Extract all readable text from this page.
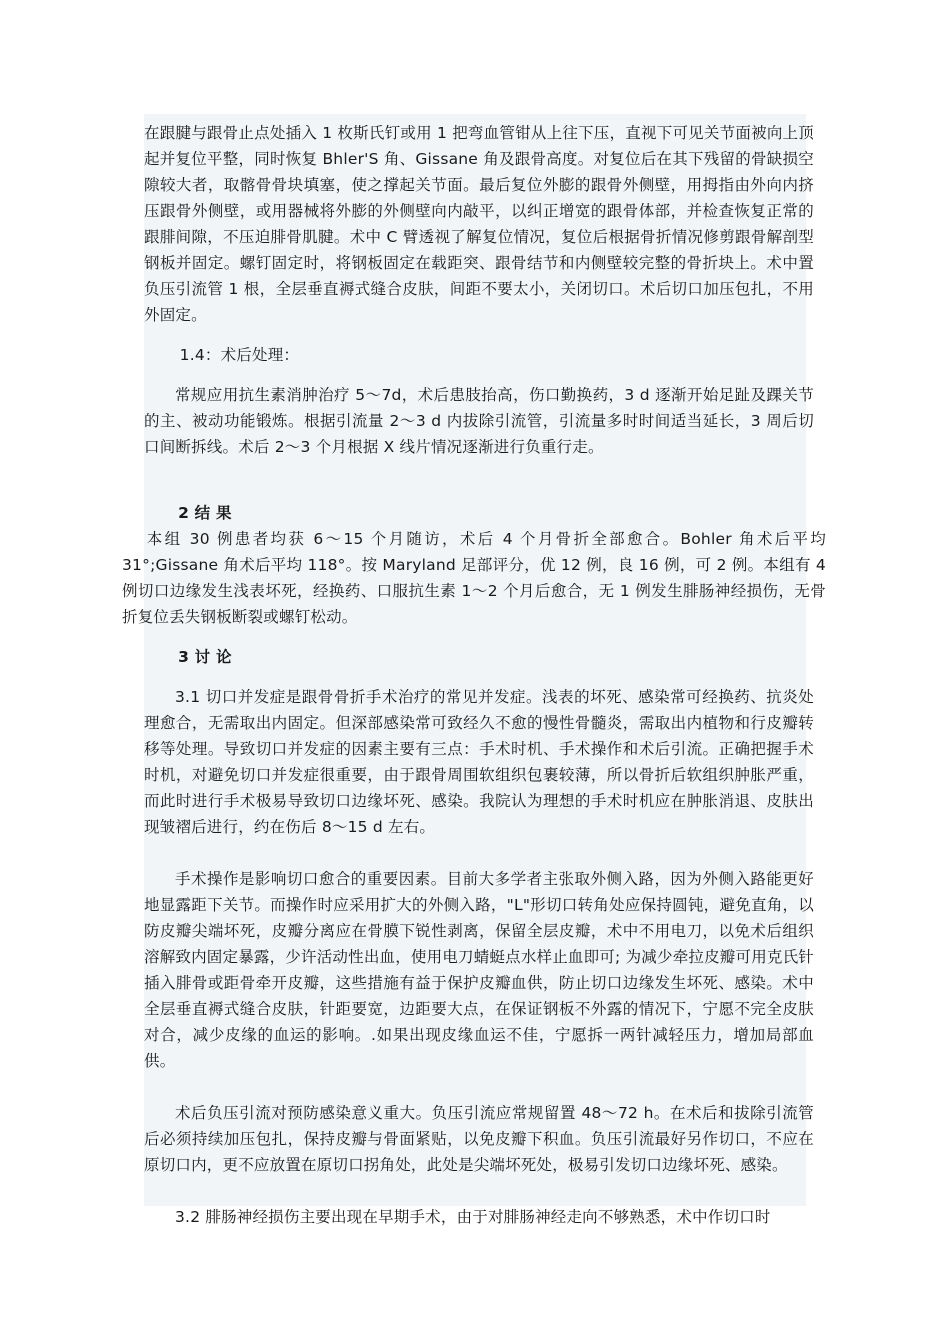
在跟腱与跟骨止点处插入 1 枚斯氏钉或用 1 把弯血管钳从上往下压，直视下可见关节面被向上顶起并复位平整，同时恢复 Bhler'S 角、Gissane 角及跟骨高度。对复位后在其下残留的骨缺损空隙较大者，取髂骨骨块填塞，使之撑起关节面。最后复位外膨的跟骨外侧壁，用拇指由外向内挤压跟骨外侧壁，或用器械将外膨的外侧壁向内敲平，以纠正增宽的跟骨体部，并检查恢复正常的跟腓间隙，不压迫腓骨肌腱。术中 C 臂透视了解复位情况，复位后根据骨折情况修剪跟骨解剖型钢板并固定。螺钉固定时，将钢板固定在载距突、跟骨结节和内侧壁较完整的骨折块上。术中置负压引流管 1 根，全层垂直褥式缝合皮肤，间距不要太小，关闭切口。术后切口加压包扎，不用外固定。

1.4：术后处理：

常规应用抗生素消肿治疗 5～7d，术后患肢抬高，伤口勤换药，3 d 逐渐开始足趾及踝关节的主、被动功能锻炼。根据引流量 2～3 d 内拔除引流管，引流量多时时间适当延长，3 周后切口间断拆线。术后 2～3 个月根据 X 线片情况逐渐进行负重行走。

2 结 果

本组 30 例患者均获 6～15 个月随访，术后 4 个月骨折全部愈合。Bohler 角术后平均 31°;Gissane 角术后平均 118°。按 Maryland 足部评分，优 12 例，良 16 例，可 2 例。本组有 4 例切口边缘发生浅表坏死，经换药、口服抗生素 1～2 个月后愈合，无 1 例发生腓肠神经损伤，无骨折复位丢失钢板断裂或螺钉松动。

3 讨 论

3.1 切口并发症是跟骨骨折手术治疗的常见并发症。浅表的坏死、感染常可经换药、抗炎处理愈合，无需取出内固定。但深部感染常可致经久不愈的慢性骨髓炎，需取出内植物和行皮瓣转移等处理。导致切口并发症的因素主要有三点：手术时机、手术操作和术后引流。正确把握手术时机，对避免切口并发症很重要，由于跟骨周围软组织包裹较薄，所以骨折后软组织肿胀严重，而此时进行手术极易导致切口边缘坏死、感染。我院认为理想的手术时机应在肿胀消退、皮肤出现皱褶后进行，约在伤后 8～15 d 左右。

手术操作是影响切口愈合的重要因素。目前大多学者主张取外侧入路，因为外侧入路能更好地显露距下关节。而操作时应采用扩大的外侧入路，"L"形切口转角处应保持圆钝，避免直角，以防皮瓣尖端坏死，皮瓣分离应在骨膜下锐性剥离，保留全层皮瓣，术中不用电刀，以免术后组织溶解致内固定暴露，少许活动性出血，使用电刀蜻蜓点水样止血即可; 为减少牵拉皮瓣可用克氏针插入腓骨或距骨牵开皮瓣，这些措施有益于保护皮瓣血供，防止切口边缘发生坏死、感染。术中全层垂直褥式缝合皮肤，针距要宽，边距要大点，在保证钢板不外露的情况下，宁愿不完全皮肤对合，减少皮缘的血运的影响。.如果出现皮缘血运不佳，宁愿拆一两针减轻压力，增加局部血供。

术后负压引流对预防感染意义重大。负压引流应常规留置 48～72 h。在术后和拔除引流管后必须持续加压包扎，保持皮瓣与骨面紧贴，以免皮瓣下积血。负压引流最好另作切口，不应在原切口内，更不应放置在原切口拐角处，此处是尖端坏死处，极易引发切口边缘坏死、感染。

3.2 腓肠神经损伤主要出现在早期手术，由于对腓肠神经走向不够熟悉，术中作切口时
